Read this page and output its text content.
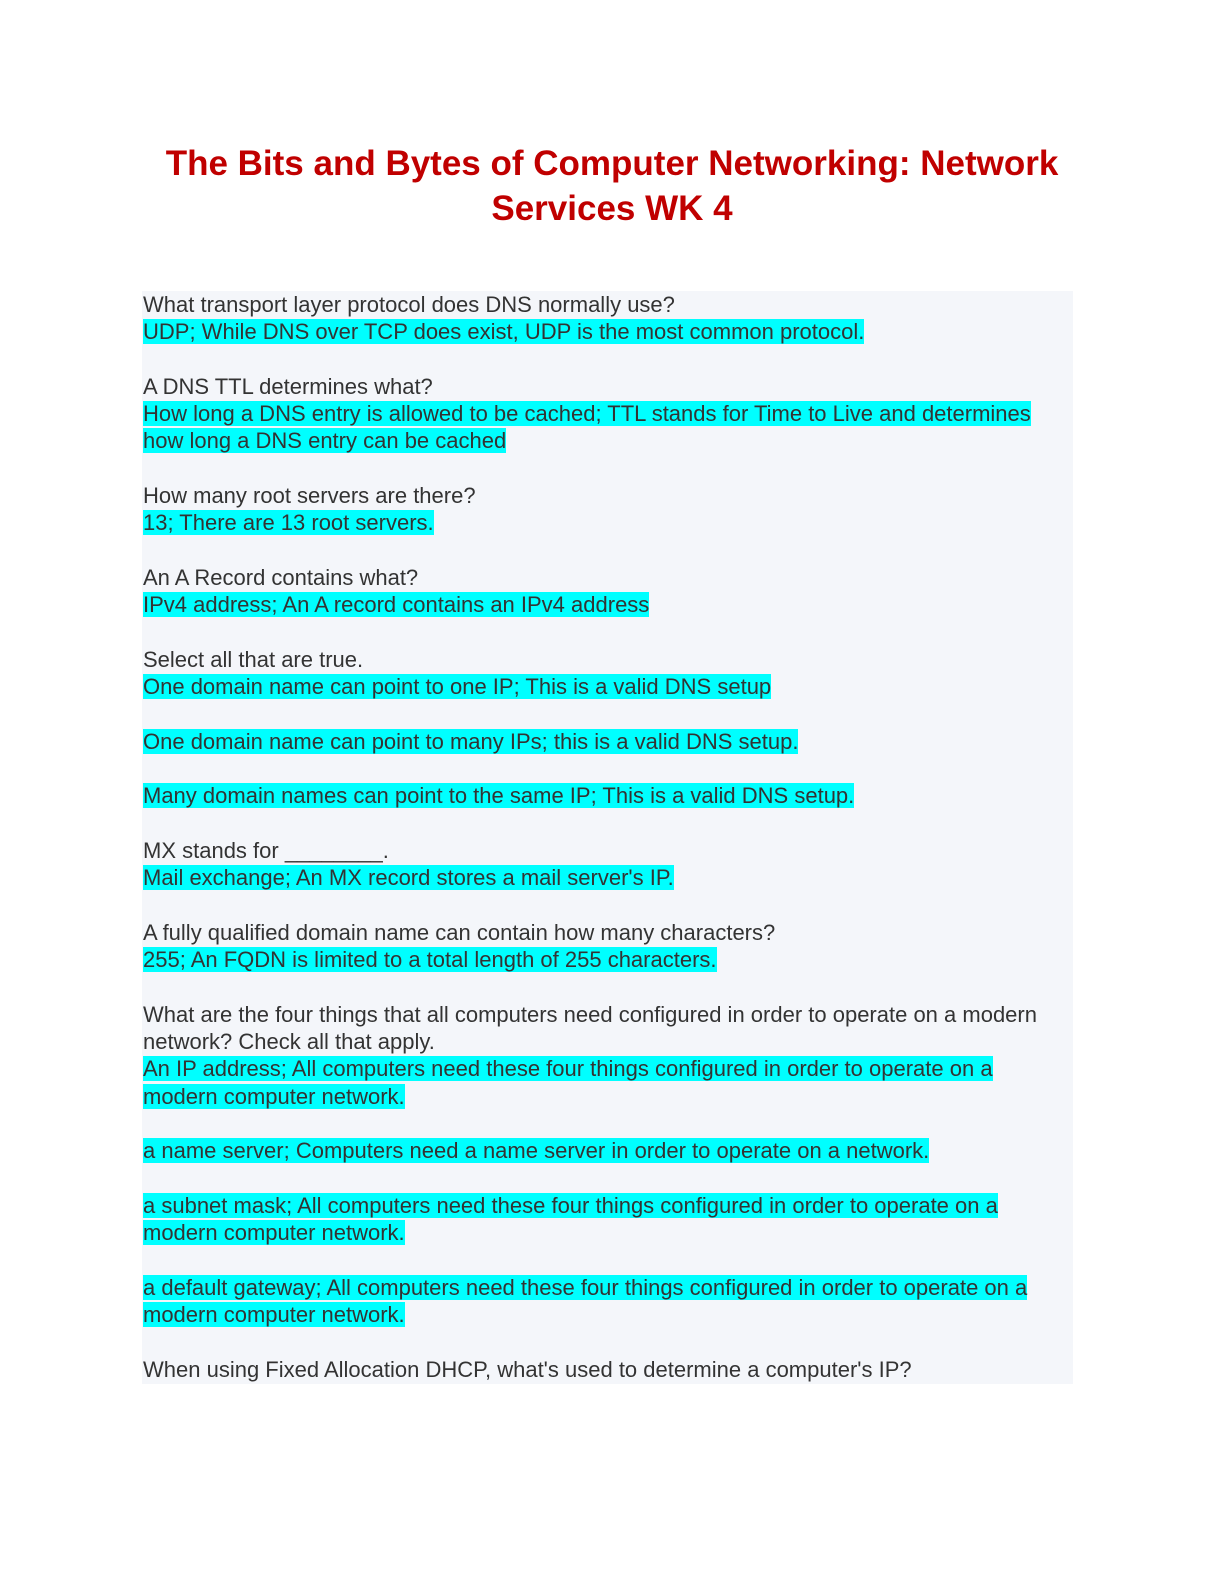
The Bits and Bytes of Computer Networking: Network Services WK 4
What transport layer protocol does DNS normally use?
UDP; While DNS over TCP does exist, UDP is the most common protocol.
A DNS TTL determines what?
How long a DNS entry is allowed to be cached; TTL stands for Time to Live and determines how long a DNS entry can be cached
How many root servers are there?
13; There are 13 root servers.
An A Record contains what?
IPv4 address; An A record contains an IPv4 address
Select all that are true.
One domain name can point to one IP; This is a valid DNS setup
One domain name can point to many IPs; this is a valid DNS setup.
Many domain names can point to the same IP; This is a valid DNS setup.
MX stands for ________.
Mail exchange; An MX record stores a mail server's IP.
A fully qualified domain name can contain how many characters?
255; An FQDN is limited to a total length of 255 characters.
What are the four things that all computers need configured in order to operate on a modern network? Check all that apply.
An IP address; All computers need these four things configured in order to operate on a modern computer network.
a name server; Computers need a name server in order to operate on a network.
a subnet mask; All computers need these four things configured in order to operate on a modern computer network.
a default gateway; All computers need these four things configured in order to operate on a modern computer network.
When using Fixed Allocation DHCP, what's used to determine a computer's IP?
